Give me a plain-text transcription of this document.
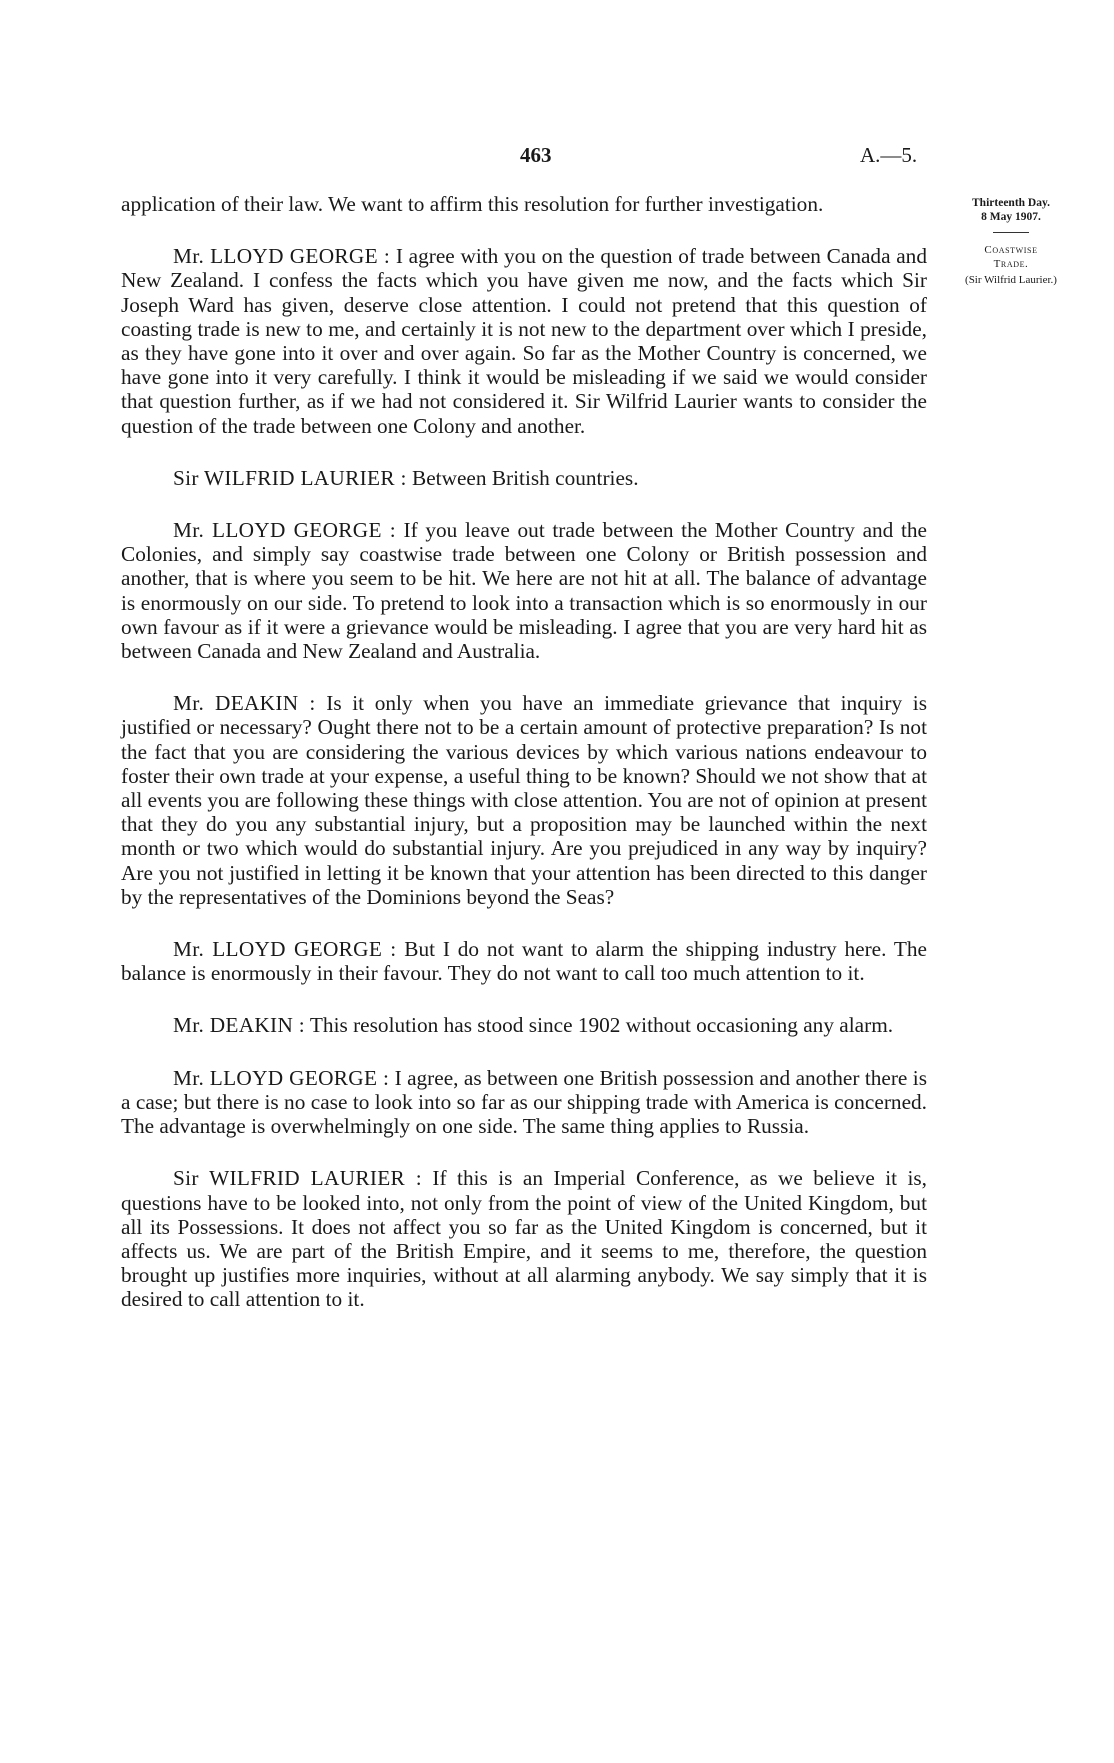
463	A.—5.
Thirteenth Day.
8 May 1907.
Coastwise
Trade.
(Sir Wilfrid Laurier.)

application of their law. We want to affirm this resolution for further investigation.

Mr. LLOYD GEORGE : I agree with you on the question of trade between Canada and New Zealand. I confess the facts which you have given me now, and the facts which Sir Joseph Ward has given, deserve close attention. I could not pretend that this question of coasting trade is new to me, and certainly it is not new to the department over which I preside, as they have gone into it over and over again. So far as the Mother Country is concerned, we have gone into it very carefully. I think it would be misleading if we said we would consider that question further, as if we had not considered it. Sir Wilfrid Laurier wants to consider the question of the trade between one Colony and another.

Sir WILFRID LAURIER : Between British countries.

Mr. LLOYD GEORGE : If you leave out trade between the Mother Country and the Colonies, and simply say coastwise trade between one Colony or British possession and another, that is where you seem to be hit. We here are not hit at all. The balance of advantage is enormously on our side. To pretend to look into a transaction which is so enormously in our own favour as if it were a grievance would be misleading. I agree that you are very hard hit as between Canada and New Zealand and Australia.

Mr. DEAKIN : Is it only when you have an immediate grievance that inquiry is justified or necessary? Ought there not to be a certain amount of protective preparation? Is not the fact that you are considering the various devices by which various nations endeavour to foster their own trade at your expense, a useful thing to be known? Should we not show that at all events you are following these things with close attention. You are not of opinion at present that they do you any substantial injury, but a proposition may be launched within the next month or two which would do substantial injury. Are you prejudiced in any way by inquiry? Are you not justified in letting it be known that your attention has been directed to this danger by the representatives of the Dominions beyond the Seas?

Mr. LLOYD GEORGE : But I do not want to alarm the shipping industry here. The balance is enormously in their favour. They do not want to call too much attention to it.

Mr. DEAKIN : This resolution has stood since 1902 without occasioning any alarm.

Mr. LLOYD GEORGE : I agree, as between one British possession and another there is a case; but there is no case to look into so far as our shipping trade with America is concerned. The advantage is overwhelmingly on one side. The same thing applies to Russia.

Sir WILFRID LAURIER : If this is an Imperial Conference, as we believe it is, questions have to be looked into, not only from the point of view of the United Kingdom, but all its Possessions. It does not affect you so far as the United Kingdom is concerned, but it affects us. We are part of the British Empire, and it seems to me, therefore, the question brought up justifies more inquiries, without at all alarming anybody. We say simply that it is desired to call attention to it.
